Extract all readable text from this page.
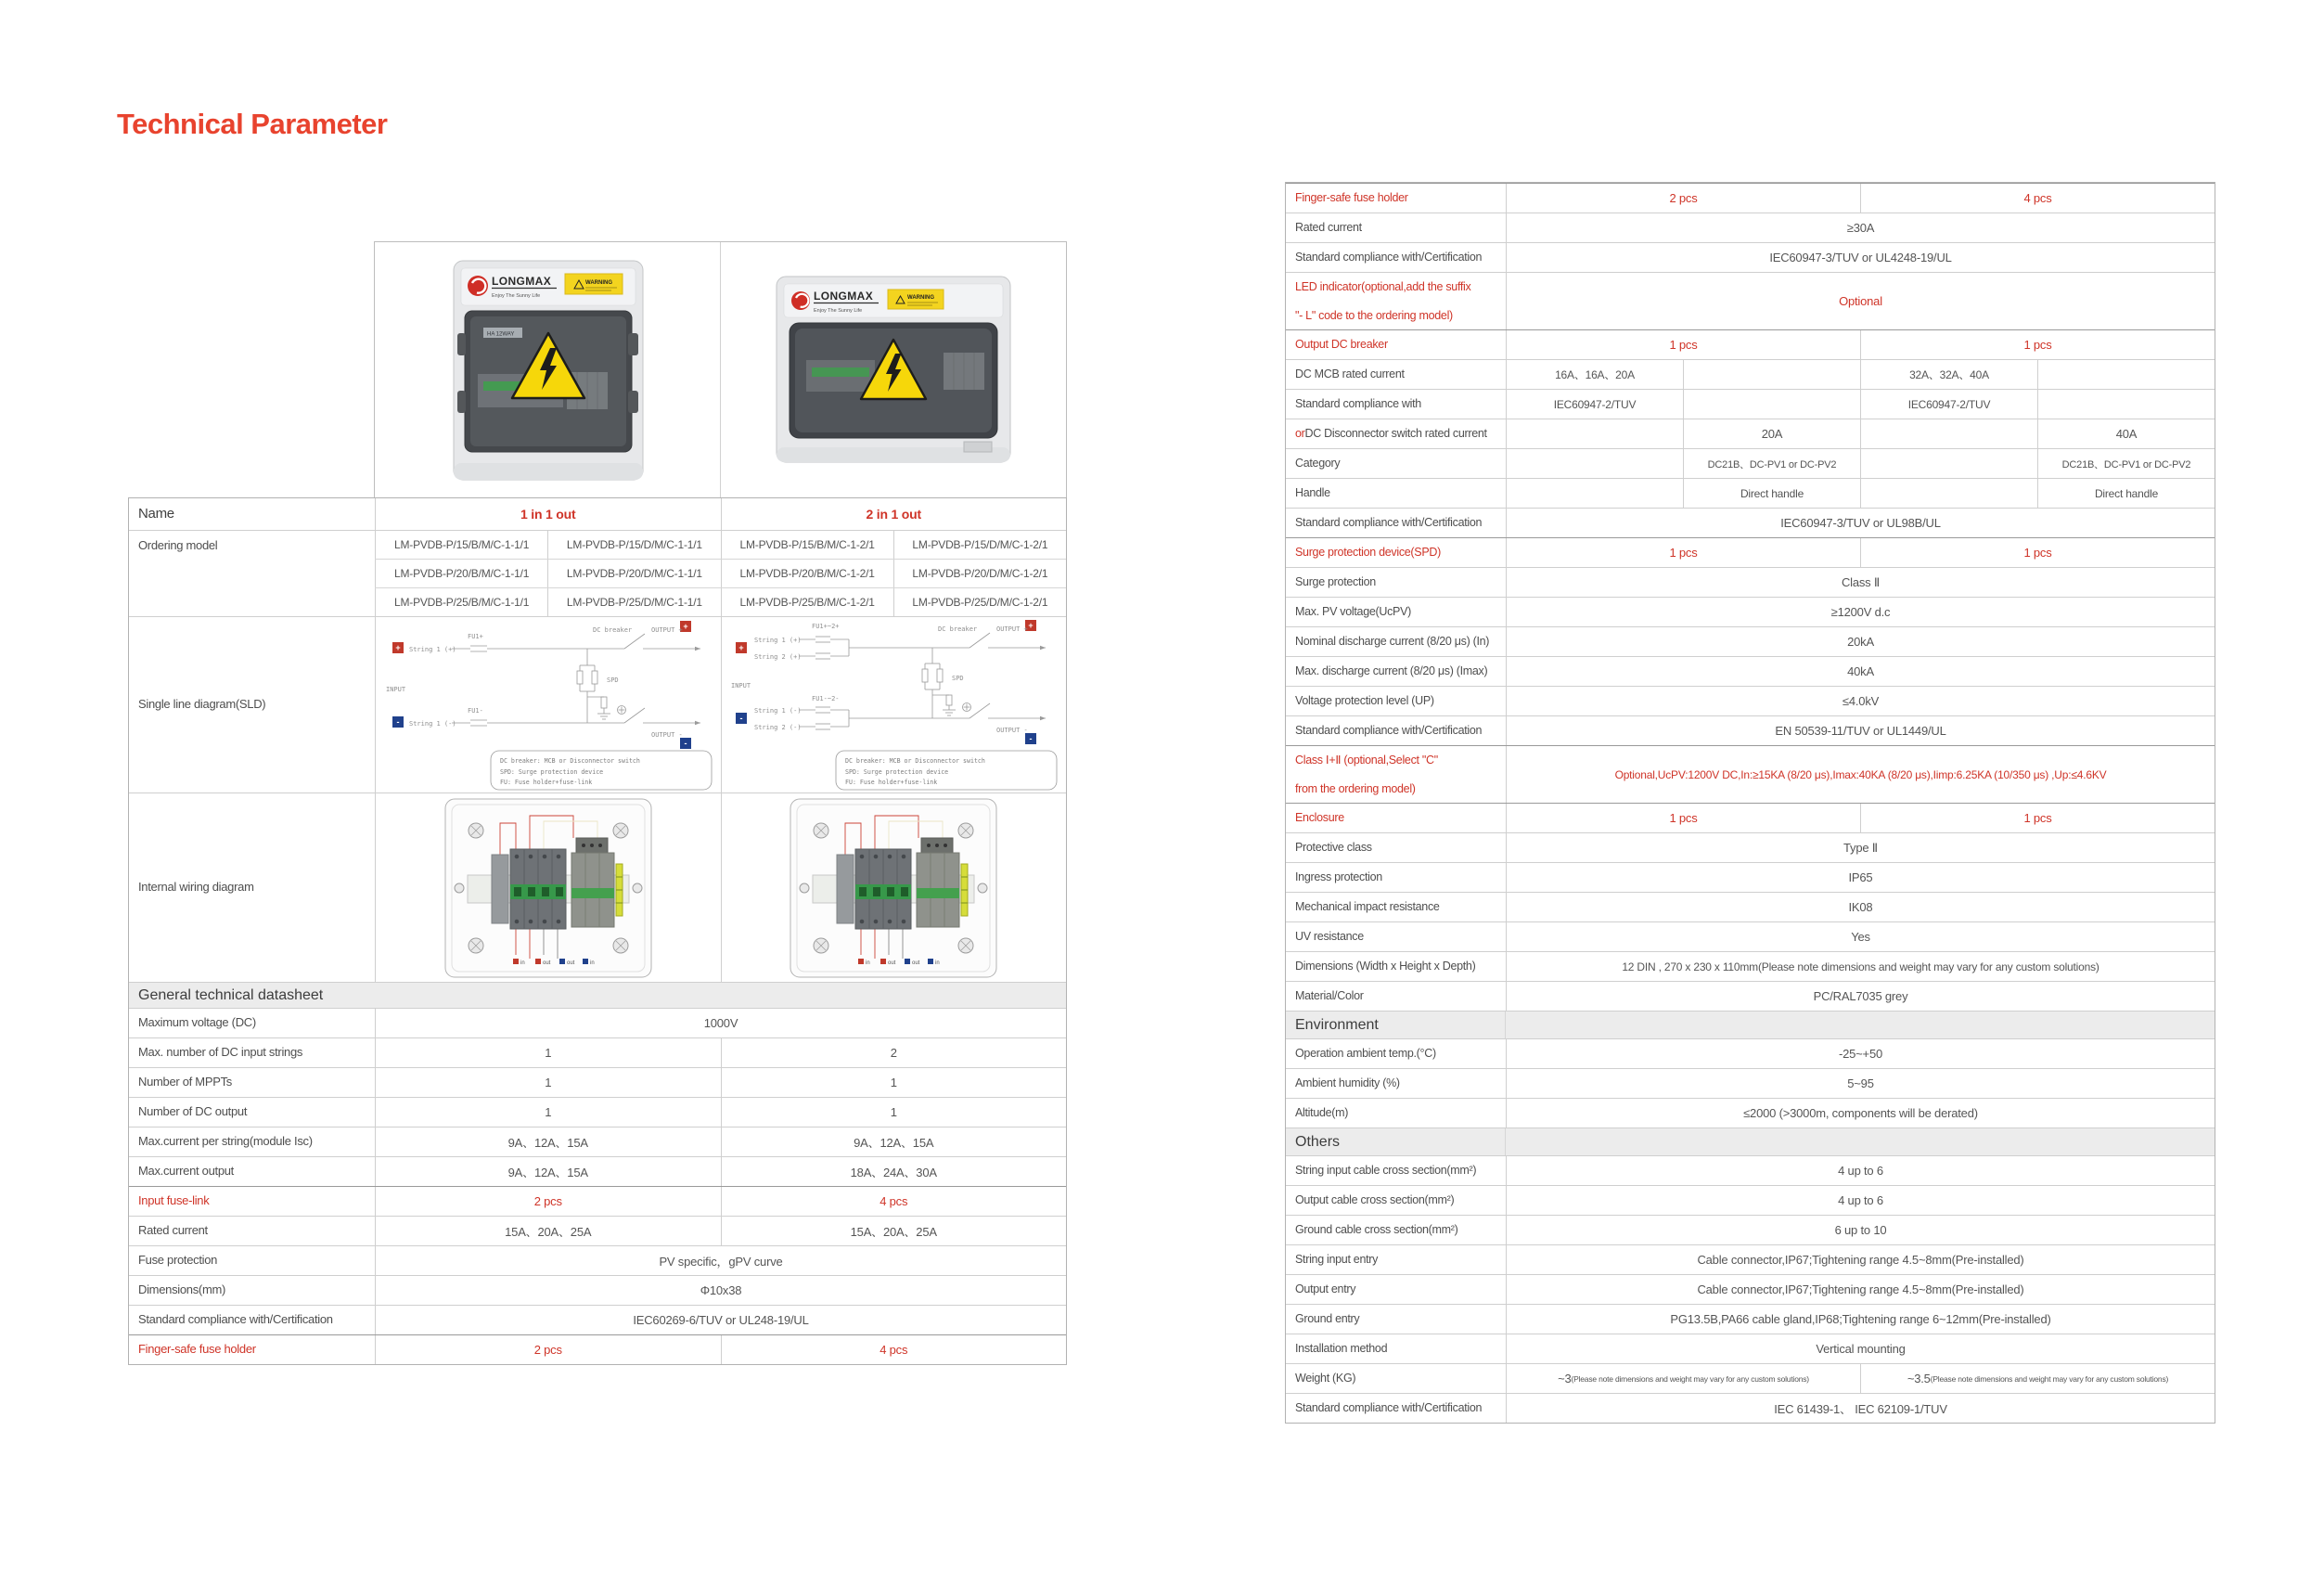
Technical Parameter
LONGMAX
Enjoy The Sunny Life
WARNING
HA 12WAY
LONGMAX
Enjoy The Sunny Life
WARNING
Name	1 in 1 out	2 in 1 out
Ordering model	LM-PVDB-P/15/B/M/C-1-1/1	LM-PVDB-P/15/D/M/C-1-1/1	LM-PVDB-P/15/B/M/C-1-2/1	LM-PVDB-P/15/D/M/C-1-2/1
LM-PVDB-P/20/B/M/C-1-1/1	LM-PVDB-P/20/D/M/C-1-1/1	LM-PVDB-P/20/B/M/C-1-2/1	LM-PVDB-P/20/D/M/C-1-2/1
LM-PVDB-P/25/B/M/C-1-1/1	LM-PVDB-P/25/D/M/C-1-1/1	LM-PVDB-P/25/B/M/C-1-2/1	LM-PVDB-P/25/D/M/C-1-2/1
Single line diagram(SLD)
+
-
+
-
String 1 (+)
FU1+
INPUT
FU1-
String 1 (-)
DC breaker	OUTPUT +
SPD
OUTPUT -
DC breaker: MCB or Disconnector switch
SPD: Surge protection device
FU: Fuse holder+fuse-link
+
-
+
-
String 1 (+)
String 2 (+)
FU1+~2+
INPUT
FU1-~2-
String 1 (-)
String 2 (-)
DC breaker	OUTPUT +
SPD
OUTPUT -
DC breaker: MCB or Disconnector switch
SPD: Surge protection device
FU: Fuse holder+fuse-link
Internal wiring diagram
in	out	out	in	in	out	out	in
General technical datasheet
Maximum voltage (DC)	1000V
Max. number of DC input strings	1	2
Number of MPPTs	1	1
Number of DC output	1	1
Max.current per string(module Isc)	9A、12A、15A	9A、12A、15A
Max.current output	9A、12A、15A	18A、24A、30A
Input fuse-link	2 pcs	4 pcs
Rated current	15A、20A、25A	15A、20A、25A
Fuse protection	PV specific，gPV curve
Dimensions(mm)	Φ10x38
Standard compliance with/Certification	IEC60269-6/TUV or UL248-19/UL
Finger-safe fuse holder	2 pcs	4 pcs
Finger-safe fuse holder	2 pcs	4 pcs
Rated current	≥30A
Standard compliance with/Certification	IEC60947-3/TUV or UL4248-19/UL
LED indicator(optional,add the suffix
"- L" code to the ordering model)
Optional
Output DC breaker	1 pcs	1 pcs
DC MCB rated current	16A、16A、20A	32A、32A、40A
Standard compliance with	IEC60947-2/TUV	IEC60947-2/TUV
or DC Disconnector switch rated current	20A	40A
Category	DC21B、DC-PV1 or DC-PV2	DC21B、DC-PV1 or DC-PV2
Handle	Direct handle	Direct handle
Standard compliance with/Certification	IEC60947-3/TUV or UL98B/UL
Surge protection device(SPD)	1 pcs	1 pcs
Surge protection	Class Ⅱ
Max. PV voltage(UcPV)	≥1200V d.c
Nominal discharge current (8/20 μs) (In)	20kA
Max. discharge current (8/20 μs) (Imax)	40kA
Voltage protection level (UP)	≤4.0kV
Standard compliance with/Certification	EN 50539-11/TUV or UL1449/UL
Class Ⅰ+Ⅱ (optional,Select "C"
from the ordering model)
Optional,UcPV:1200V DC,In:≥15KA (8/20 μs),Imax:40KA (8/20 μs),Iimp:6.25KA (10/350 μs) ,Up:≤4.6KV
Enclosure	1 pcs	1 pcs
Protective class	Type Ⅱ
Ingress protection	IP65
Mechanical impact resistance	IK08
UV resistance	Yes
Dimensions (Width x Height x Depth)	12 DIN , 270 x 230 x 110mm(Please note dimensions and weight may vary for any custom solutions)
Material/Color	PC/RAL7035 grey
Environment
Operation ambient temp.(°C)	-25~+50
Ambient humidity (%)	5~95
Altitude(m)	≤2000 (>3000m, components will be derated)
Others
String input cable cross section(mm²)	4 up to 6
Output cable cross section(mm²)	4 up to 6
Ground cable cross section(mm²)	6 up to 10
String input entry	Cable connector,IP67;Tightening range 4.5~8mm(Pre-installed)
Output entry	Cable connector,IP67;Tightening range 4.5~8mm(Pre-installed)
Ground entry	PG13.5B,PA66 cable gland,IP68;Tightening range 6~12mm(Pre-installed)
Installation method	Vertical mounting
Weight (KG)	~3 (Please note dimensions and weight may vary for any custom solutions)	~3.5 (Please note dimensions and weight may vary for any custom solutions)
Standard compliance with/Certification	IEC 61439-1、 IEC 62109-1/TUV
